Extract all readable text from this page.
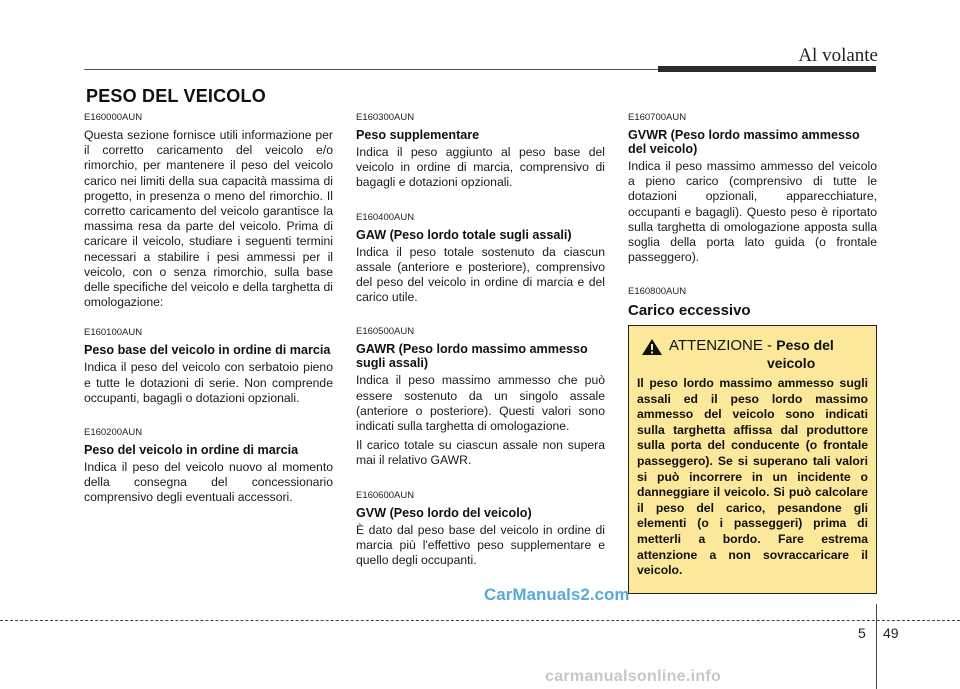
Al volante
PESO DEL VEICOLO
E160000AUN
Questa sezione fornisce utili informazione per il corretto caricamento del veicolo e/o rimorchio, per mantenere il peso del veicolo carico nei limiti della sua capacità massima di progetto, in presenza o meno del rimorchio. Il corretto caricamento del veicolo garantisce la massima resa da parte del veicolo. Prima di caricare il veicolo, studiare i seguenti termini necessari a stabilire i pesi ammessi per il veicolo, con o senza rimorchio, sulla base delle specifiche del veicolo e della targhetta di omologazione:
E160100AUN
Peso base del veicolo in ordine di marcia
Indica il peso del veicolo con serbatoio pieno e tutte le dotazioni di serie. Non comprende occupanti, bagagli o dotazioni opzionali.
E160200AUN
Peso del veicolo in ordine di marcia
Indica il peso del veicolo nuovo al momento della consegna del concessionario comprensivo degli eventuali accessori.
E160300AUN
Peso supplementare
Indica il peso aggiunto al peso base del veicolo in ordine di marcia, comprensivo di bagagli e dotazioni opzionali.
E160400AUN
GAW (Peso lordo totale sugli assali)
Indica il peso totale sostenuto da ciascun assale (anteriore e posteriore), comprensivo del peso del veicolo in ordine di marcia e del carico utile.
E160500AUN
GAWR (Peso lordo massimo ammesso sugli assali)
Indica il peso massimo ammesso che può essere sostenuto da un singolo assale (anteriore o posteriore). Questi valori sono indicati sulla targhetta di omologazione.
Il carico totale su ciascun assale non supera mai il relativo GAWR.
E160600AUN
GVW (Peso lordo del veicolo)
È dato dal peso base del veicolo in ordine di marcia più l'effettivo peso supplementare e quello degli occupanti.
E160700AUN
GVWR (Peso lordo massimo ammesso del veicolo)
Indica il peso massimo ammesso del veicolo a pieno carico (comprensivo di tutte le dotazioni opzionali, apparecchiature, occupanti e bagagli). Questo peso è riportato sulla targhetta di omologazione apposta sulla soglia della porta lato guida (o frontale passeggero).
E160800AUN
Carico eccessivo
ATTENZIONE - Peso del
veicolo
Il peso lordo massimo ammesso sugli assali ed il peso lordo massimo ammesso del veicolo sono indicati sulla targhetta affissa dal produttore sulla porta del conducente (o frontale passeggero). Se si superano tali valori si può incorrere in un incidente o danneggiare il veicolo. Si può calcolare il peso del carico, pesandone gli elementi (o i passeggeri) prima di metterli a bordo. Fare estrema attenzione a non sovraccaricare il veicolo.
CarManuals2.com
5 49
carmanualsonline.info
